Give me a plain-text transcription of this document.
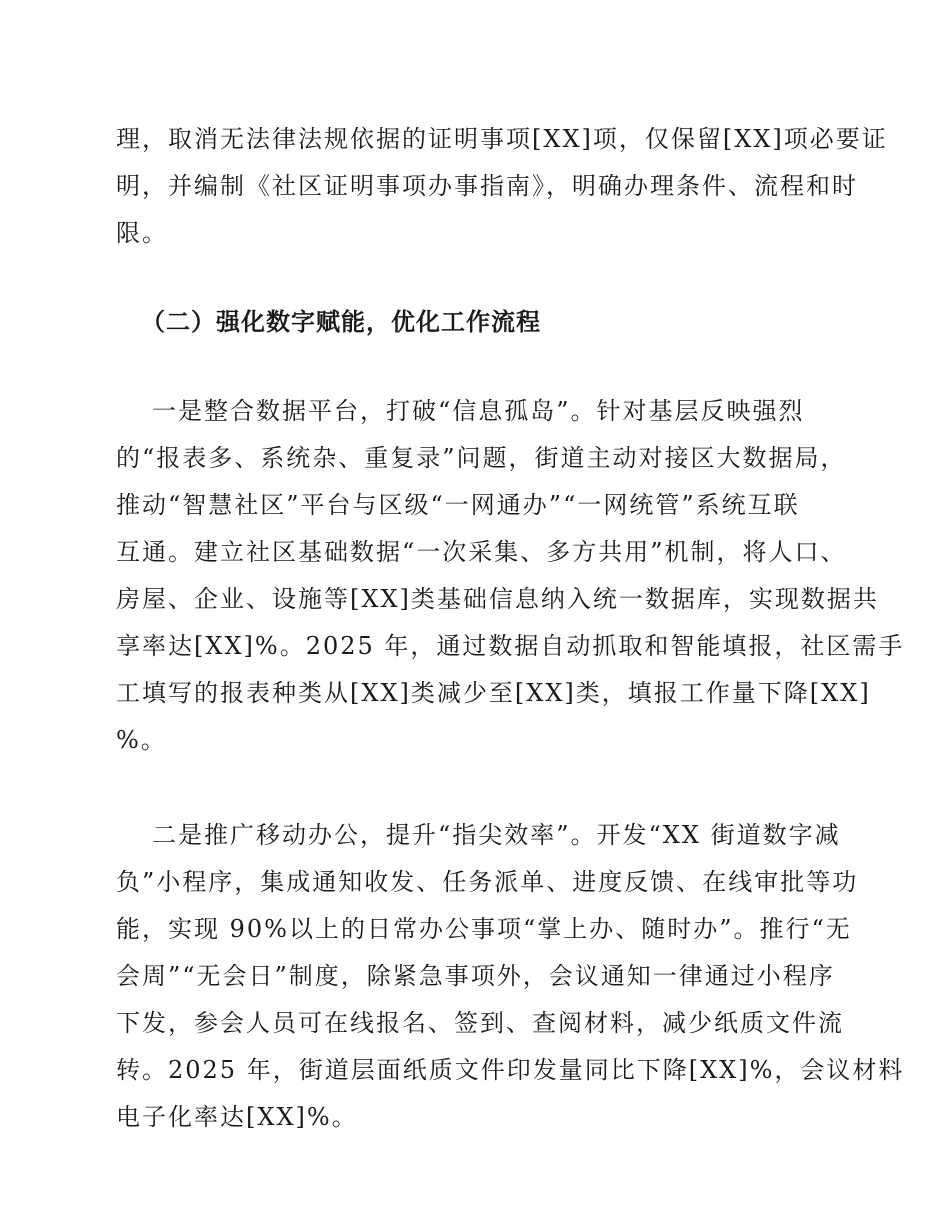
理，取消无法律法规依据的证明事项[XX]项，仅保留[XX]项必要证
明，并编制《社区证明事项办事指南》，明确办理条件、流程和时
限。
（二）强化数字赋能，优化工作流程
一是整合数据平台，打破“信息孤岛”。针对基层反映强烈
的“报表多、系统杂、重复录”问题，街道主动对接区大数据局，
推动“智慧社区”平台与区级“一网通办”“一网统管”系统互联
互通。建立社区基础数据“一次采集、多方共用”机制，将人口、
房屋、企业、设施等[XX]类基础信息纳入统一数据库，实现数据共
享率达[XX]%。2025 年，通过数据自动抓取和智能填报，社区需手
工填写的报表种类从[XX]类减少至[XX]类，填报工作量下降[XX]
%。
二是推广移动办公，提升“指尖效率”。开发“XX 街道数字减
负”小程序，集成通知收发、任务派单、进度反馈、在线审批等功
能，实现 90%以上的日常办公事项“掌上办、随时办”。推行“无
会周”“无会日”制度，除紧急事项外，会议通知一律通过小程序
下发，参会人员可在线报名、签到、查阅材料，减少纸质文件流
转。2025 年，街道层面纸质文件印发量同比下降[XX]%，会议材料
电子化率达[XX]%。
